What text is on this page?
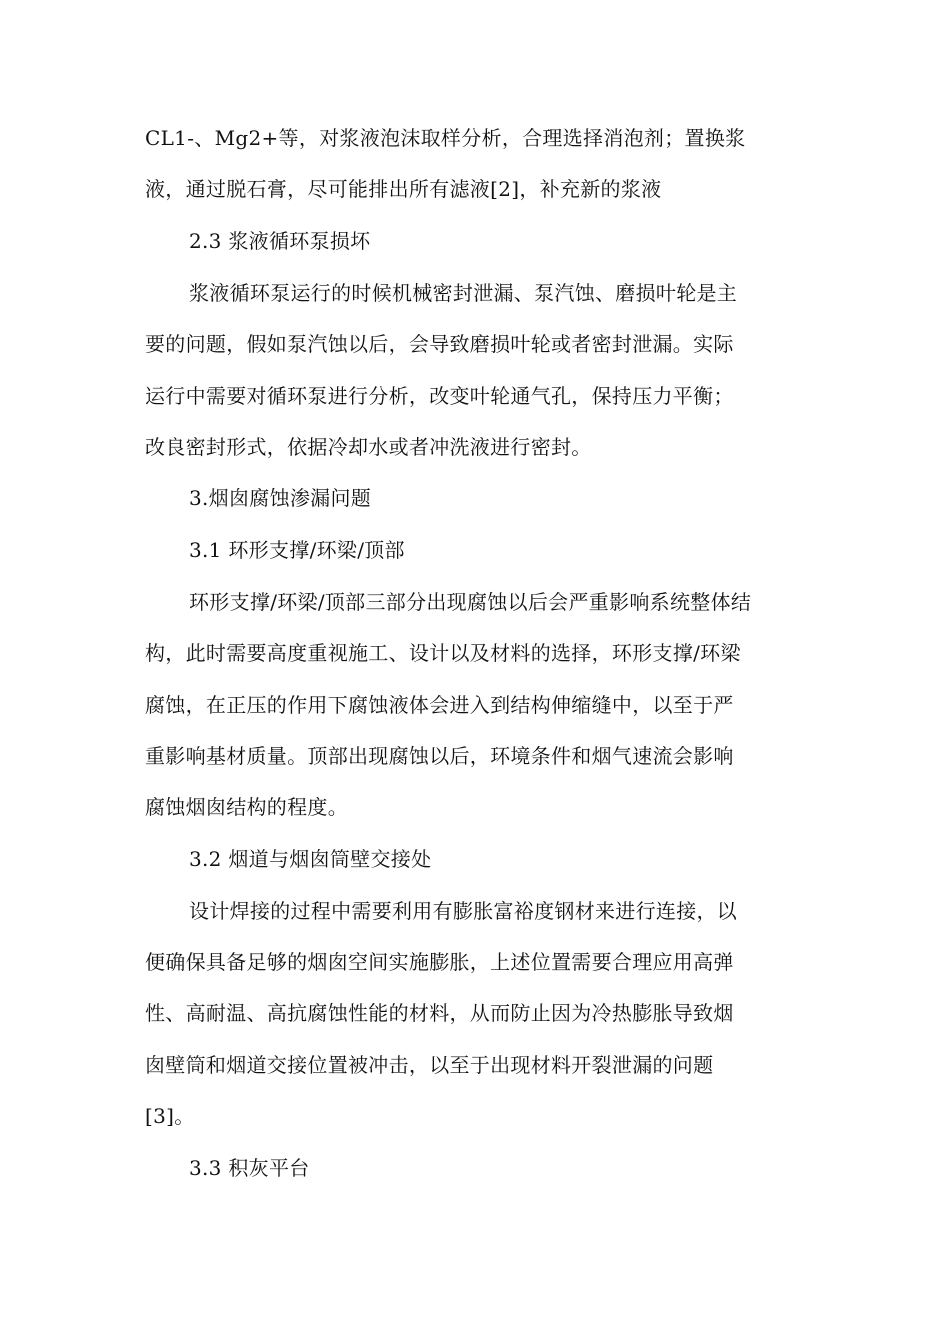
CL1-、Mg2+等，对浆液泡沫取样分析，合理选择消泡剂；置换浆
液，通过脱石膏，尽可能排出所有滤液[2]，补充新的浆液
2.3 浆液循环泵损坏
浆液循环泵运行的时候机械密封泄漏、泵汽蚀、磨损叶轮是主
要的问题，假如泵汽蚀以后，会导致磨损叶轮或者密封泄漏。实际
运行中需要对循环泵进行分析，改变叶轮通气孔，保持压力平衡；
改良密封形式，依据冷却水或者冲洗液进行密封。
3.烟囱腐蚀渗漏问题
3.1 环形支撑/环梁/顶部
环形支撑/环梁/顶部三部分出现腐蚀以后会严重影响系统整体结
构，此时需要高度重视施工、设计以及材料的选择，环形支撑/环梁
腐蚀，在正压的作用下腐蚀液体会进入到结构伸缩缝中，以至于严
重影响基材质量。顶部出现腐蚀以后，环境条件和烟气速流会影响
腐蚀烟囱结构的程度。
3.2 烟道与烟囱筒壁交接处
设计焊接的过程中需要利用有膨胀富裕度钢材来进行连接，以
便确保具备足够的烟囱空间实施膨胀，上述位置需要合理应用高弹
性、高耐温、高抗腐蚀性能的材料，从而防止因为冷热膨胀导致烟
囱壁筒和烟道交接位置被冲击，以至于出现材料开裂泄漏的问题
[3]。
3.3 积灰平台
